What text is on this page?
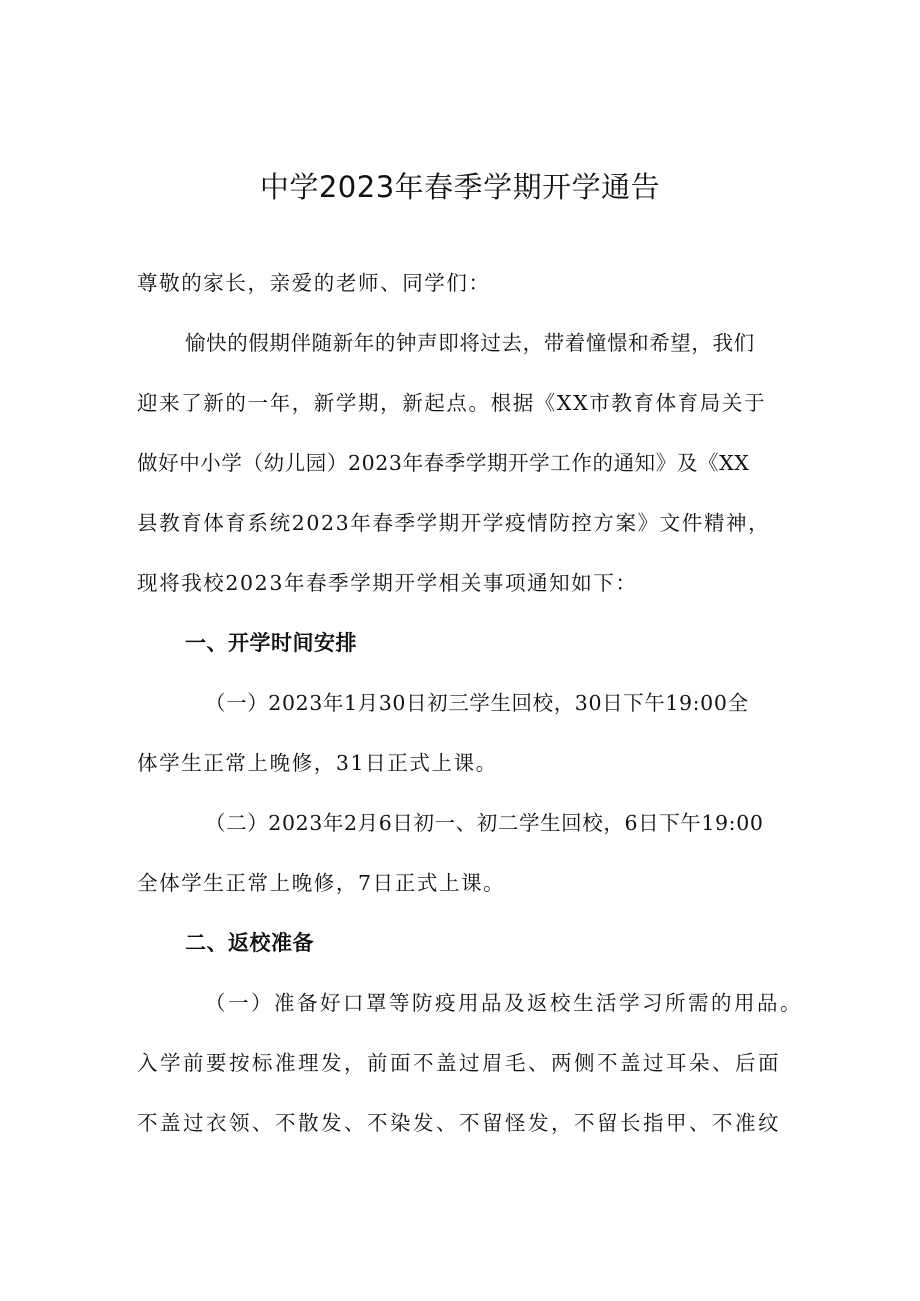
中学2023年春季学期开学通告

尊敬的家长，亲爱的老师、同学们：

愉快的假期伴随新年的钟声即将过去，带着憧憬和希望，我们

迎来了新的一年，新学期，新起点。根据《XX市教育体育局关于

做好中小学（幼儿园）2023年春季学期开学工作的通知》及《XX

县教育体育系统2023年春季学期开学疫情防控方案》文件精神，

现将我校2023年春季学期开学相关事项通知如下：

一、开学时间安排

（一）2023年1月30日初三学生回校，30日下午19:00全

体学生正常上晚修，31日正式上课。

（二）2023年2月6日初一、初二学生回校，6日下午19:00

全体学生正常上晚修，7日正式上课。

二、返校准备

（一）准备好口罩等防疫用品及返校生活学习所需的用品。

入学前要按标准理发，前面不盖过眉毛、两侧不盖过耳朵、后面

不盖过衣领、不散发、不染发、不留怪发，不留长指甲、不准纹
